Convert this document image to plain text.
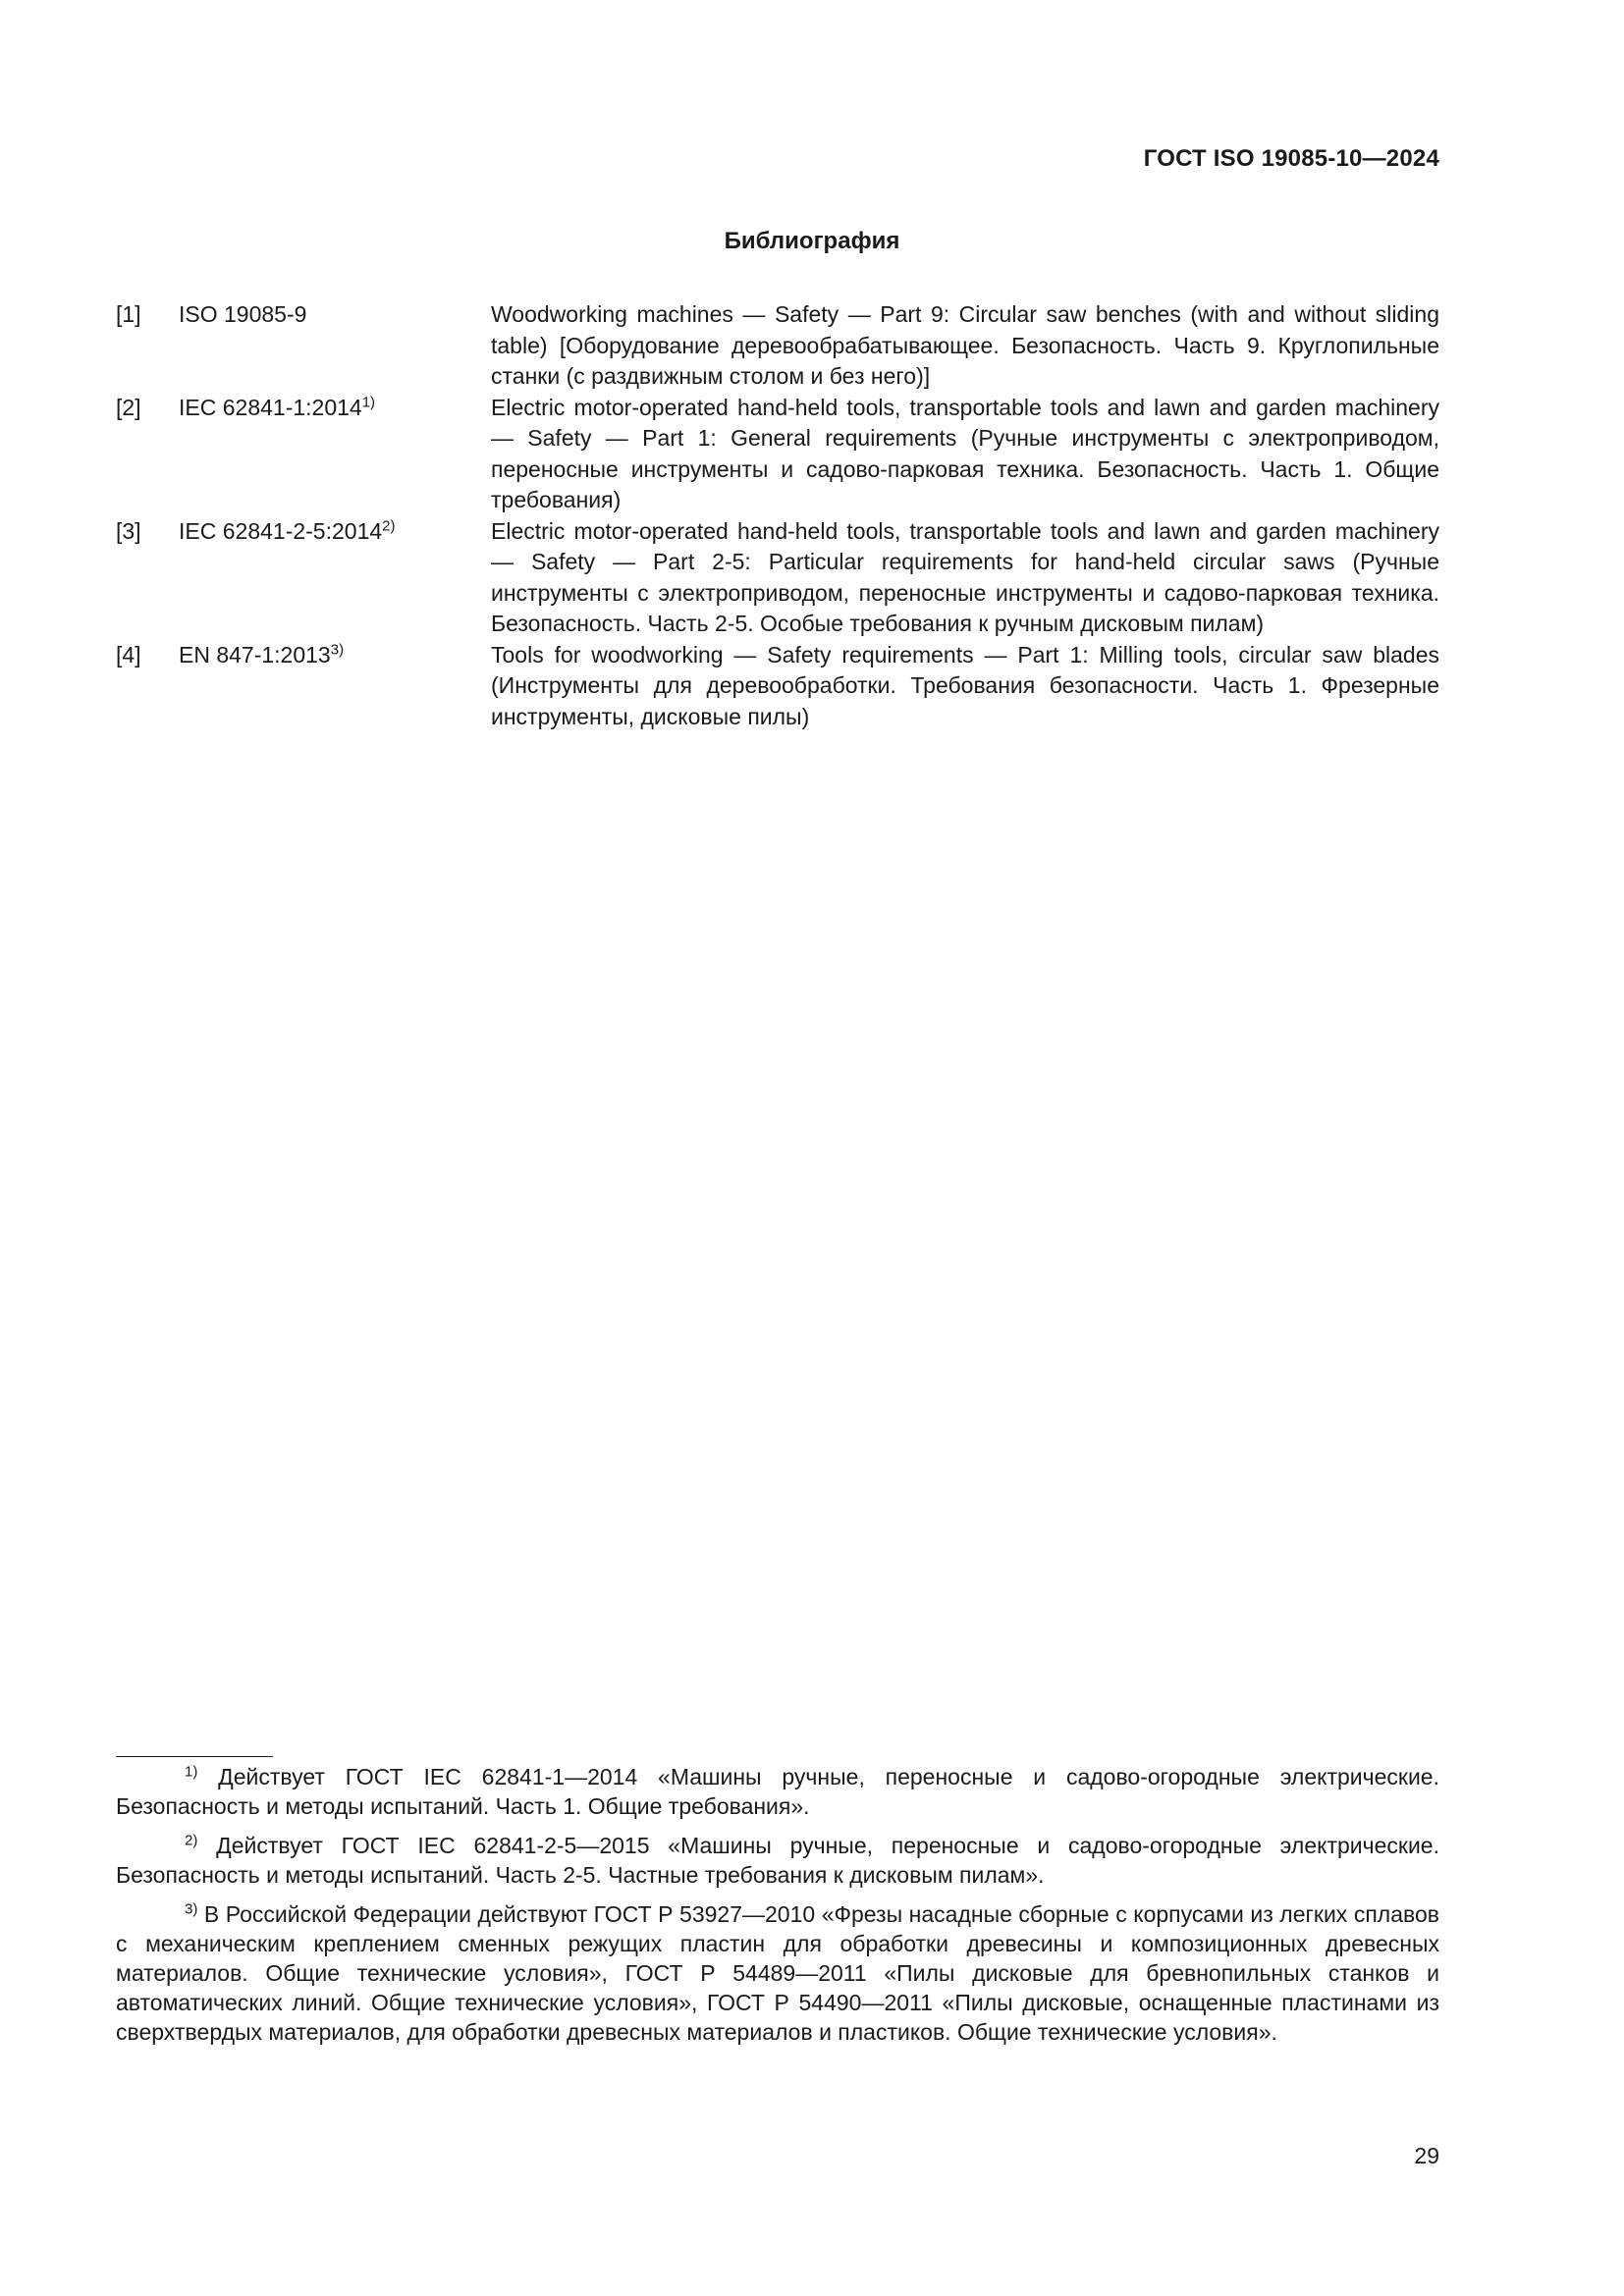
ГОСТ ISO 19085-10—2024
Библиография
[1]	ISO 19085-9	Woodworking machines — Safety — Part 9: Circular saw benches (with and without sliding table) [Оборудование деревообрабатывающее. Безопасность. Часть 9. Круглопильные станки (с раздвижным столом и без него)]
[2]	IEC 62841-1:2014$^{1)}$	Electric motor-operated hand-held tools, transportable tools and lawn and garden machinery — Safety — Part 1: General requirements (Ручные инструменты с электроприводом, переносные инструменты и садово-парковая техника. Безопасность. Часть 1. Общие требования)
[3]	IEC 62841-2-5:2014$^{2)}$	Electric motor-operated hand-held tools, transportable tools and lawn and garden machinery — Safety — Part 2-5: Particular requirements for hand-held circular saws (Ручные инструменты с электроприводом, переносные инструменты и садово-парковая техника. Безопасность. Часть 2-5. Особые требования к ручным дисковым пилам)
[4]	EN 847-1:2013$^{3)}$	Tools for woodworking — Safety requirements — Part 1: Milling tools, circular saw blades (Инструменты для деревообработки. Требования безопасности. Часть 1. Фрезерные инструменты, дисковые пилы)
$^{1)}$ Действует ГОСТ IEC 62841-1—2014 «Машины ручные, переносные и садово-огородные электрические. Безопасность и методы испытаний. Часть 1. Общие требования».
$^{2)}$ Действует ГОСТ IEC 62841-2-5—2015 «Машины ручные, переносные и садово-огородные электрические. Безопасность и методы испытаний. Часть 2-5. Частные требования к дисковым пилам».
$^{3)}$ В Российской Федерации действуют ГОСТ Р 53927—2010 «Фрезы насадные сборные с корпусами из легких сплавов с механическим креплением сменных режущих пластин для обработки древесины и композиционных древесных материалов. Общие технические условия», ГОСТ Р 54489—2011 «Пилы дисковые для бревнопильных станков и автоматических линий. Общие технические условия», ГОСТ Р 54490—2011 «Пилы дисковые, оснащенные пластинами из сверхтвердых материалов, для обработки древесных материалов и пластиков. Общие технические условия».
29
